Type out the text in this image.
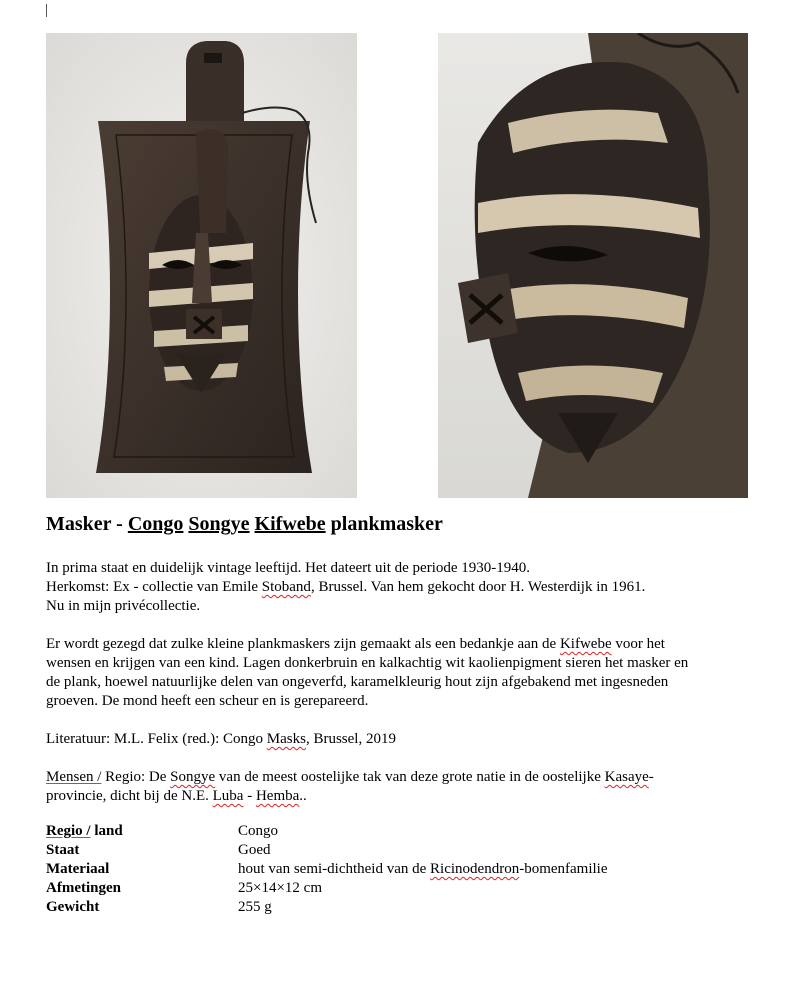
Masker - Congo Songye Kifwebe plankmasker

In prima staat en duidelijk vintage leeftijd. Het dateert uit de periode 1930-1940.
Herkomst: Ex - collectie van Emile Stoband, Brussel. Van hem gekocht door H. Westerdijk in 1961.
Nu in mijn privécollectie.

Er wordt gezegd dat zulke kleine plankmaskers zijn gemaakt als een bedankje aan de Kifwebe voor het
wensen en krijgen van een kind. Lagen donkerbruin en kalkachtig wit kaolienpigment sieren het masker en
de plank, hoewel natuurlijke delen van ongeverfd, karamelkleurig hout zijn afgebakend met ingesneden
groeven. De mond heeft een scheur en is gerepareerd.

Literatuur: M.L. Felix (red.): Congo Masks, Brussel, 2019

Mensen / Regio: De Songye van de meest oostelijke tak van deze grote natie in de oostelijke Kasaye-
provincie, dicht bij de N.E. Luba - Hemba..

Regio / land	Congo
Staat	Goed
Materiaal	hout van semi-dichtheid van de Ricinodendron-bomenfamilie
Afmetingen	25×14×12 cm
Gewicht	255 g
